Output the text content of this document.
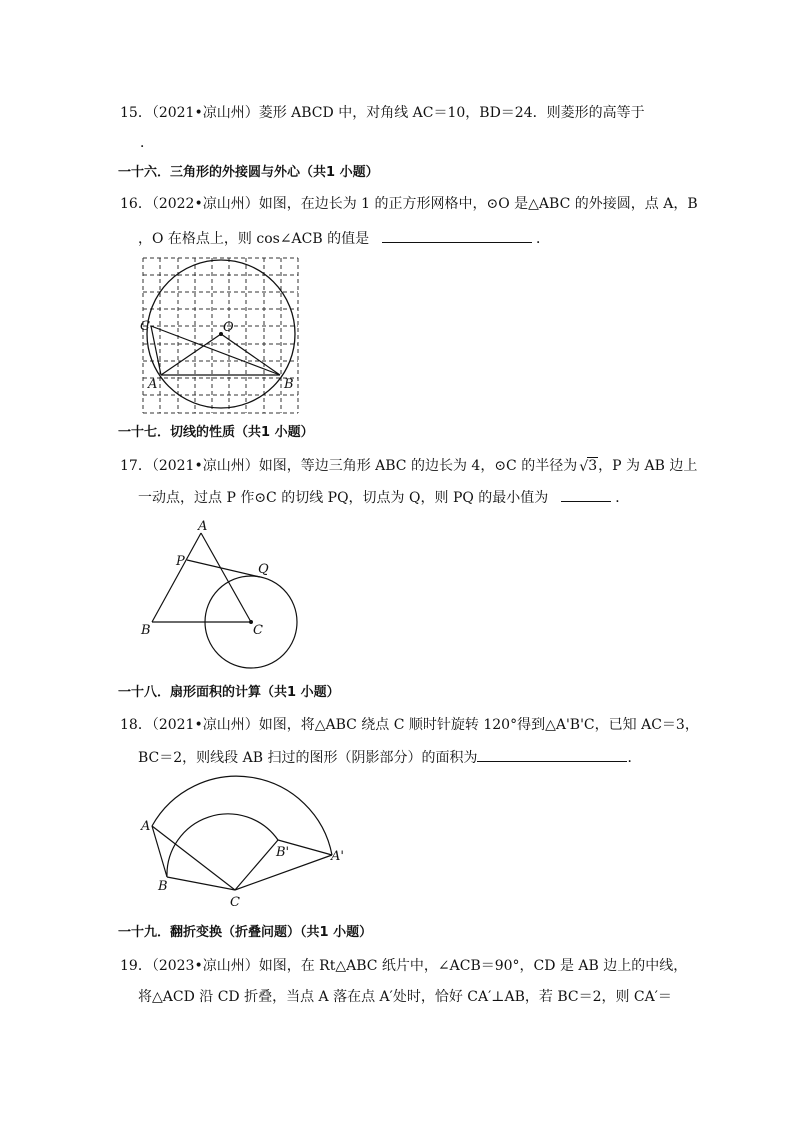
15．（2021•凉山州）菱形 ABCD 中，对角线 AC＝10，BD＝24．则菱形的高等于
．
一十六．三角形的外接圆与外心（共1 小题）
16．（2022•凉山州）如图，在边长为 1 的正方形网格中，⊙O 是△ABC 的外接圆，点 A，B
，O 在格点上，则 cos∠ACB 的值是	．
C	O
A	B
一十七．切线的性质（共1 小题）
17．（2021•凉山州）如图，等边三角形 ABC 的边长为 4，⊙C 的半径为 √ 3，P 为 AB 边上
一动点，过点 P 作⊙C 的切线 PQ，切点为 Q，则 PQ 的最小值为	．
A
P
Q
B	C
一十八．扇形面积的计算（共1 小题）
18．（2021•凉山州）如图，将△ABC 绕点 C 顺时针旋转 120°得到△A'B'C，已知 AC＝3，
BC＝2，则线段 AB 扫过的图形（阴影部分）的面积为	．
A
B'	A'
B
C
一十九．翻折变换（折叠问题）（共1 小题）
19．（2023•凉山州）如图，在 Rt△ABC 纸片中，∠ACB＝90°，CD 是 AB 边上的中线，
将△ACD 沿 CD 折叠，当点 A 落在点 A′处时，恰好 CA′⊥AB，若 BC＝2，则 CA′＝
